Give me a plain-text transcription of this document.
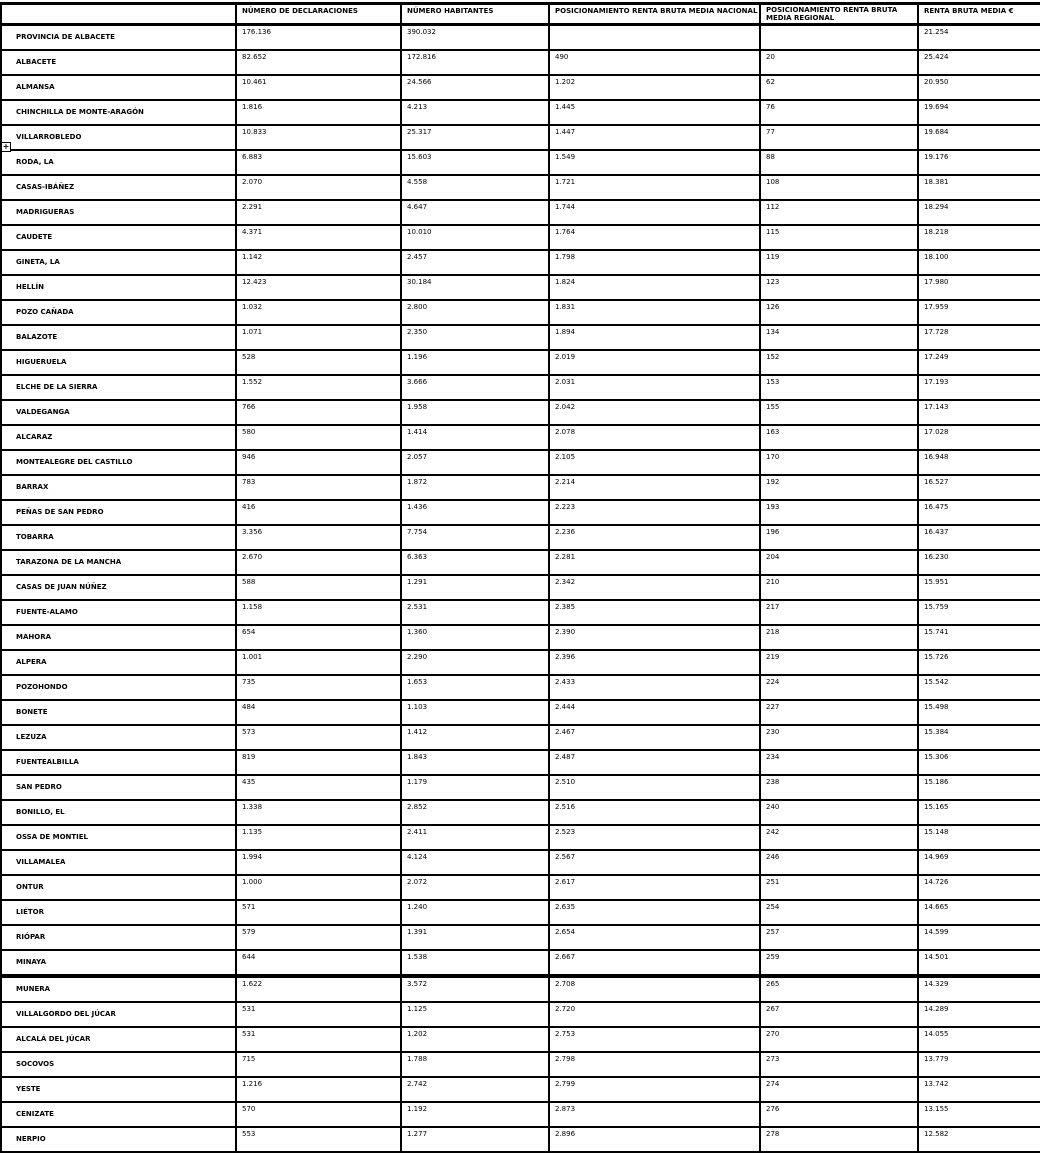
	NÚMERO DE DECLARACIONES	NÚMERO HABITANTES	POSICIONAMIENTO RENTA BRUTA MEDIA NACIONAL	POSICIONAMIENTO RENTA BRUTA MEDIA REGIONAL	RENTA BRUTA MEDIA €
PROVINCIA DE ALBACETE	176.136	390.032			21.254
ALBACETE	82.652	172.816	490	20	25.424
ALMANSA	10.461	24.566	1.202	62	20.950
CHINCHILLA DE MONTE-ARAGÓN	1.816	4.213	1.445	76	19.694
VILLARROBLEDO	10.833	25.317	1.447	77	19.684
RODA, LA	6.883	15.603	1.549	88	19.176
CASAS-IBÁÑEZ	2.070	4.558	1.721	108	18.381
MADRIGUERAS	2.291	4.647	1.744	112	18.294
CAUDETE	4.371	10.010	1.764	115	18.218
GINETA, LA	1.142	2.457	1.798	119	18.100
HELLÍN	12.423	30.184	1.824	123	17.980
POZO CAÑADA	1.032	2.800	1.831	126	17.959
BALAZOTE	1.071	2.350	1.894	134	17.728
HIGUERUELA	528	1.196	2.019	152	17.249
ELCHE DE LA SIERRA	1.552	3.666	2.031	153	17.193
VALDEGANGA	766	1.958	2.042	155	17.143
ALCARAZ	580	1.414	2.078	163	17.028
MONTEALEGRE DEL CASTILLO	946	2.057	2.105	170	16.948
BARRAX	783	1.872	2.214	192	16.527
PEÑAS DE SAN PEDRO	416	1.436	2.223	193	16.475
TOBARRA	3.356	7.754	2.236	196	16.437
TARAZONA DE LA MANCHA	2.670	6.363	2.281	204	16.230
CASAS DE JUAN NÚÑEZ	588	1.291	2.342	210	15.951
FUENTE-ALAMO	1.158	2.531	2.385	217	15.759
MAHORA	654	1.360	2.390	218	15.741
ALPERA	1.001	2.290	2.396	219	15.726
POZOHONDO	735	1.653	2.433	224	15.542
BONETE	484	1.103	2.444	227	15.498
LEZUZA	573	1.412	2.467	230	15.384
FUENTEALBILLA	819	1.843	2.487	234	15.306
SAN PEDRO	435	1.179	2.510	238	15.186
BONILLO, EL	1.338	2.852	2.516	240	15.165
OSSA DE MONTIEL	1.135	2.411	2.523	242	15.148
VILLAMALEA	1.994	4.124	2.567	246	14.969
ONTUR	1.000	2.072	2.617	251	14.726
LIÉTOR	571	1.240	2.635	254	14.665
RIÓPAR	579	1.391	2.654	257	14.599
MINAYA	644	1.538	2.667	259	14.501
MUNERA	1.622	3.572	2.708	265	14.329
VILLALGORDO DEL JÚCAR	531	1.125	2.720	267	14.289
ALCALÁ DEL JÚCAR	531	1.202	2.753	270	14.055
SOCOVOS	715	1.788	2.798	273	13.779
YESTE	1.216	2.742	2.799	274	13.742
CENIZATE	570	1.192	2.873	276	13.155
NERPIO	553	1.277	2.896	278	12.582
+
